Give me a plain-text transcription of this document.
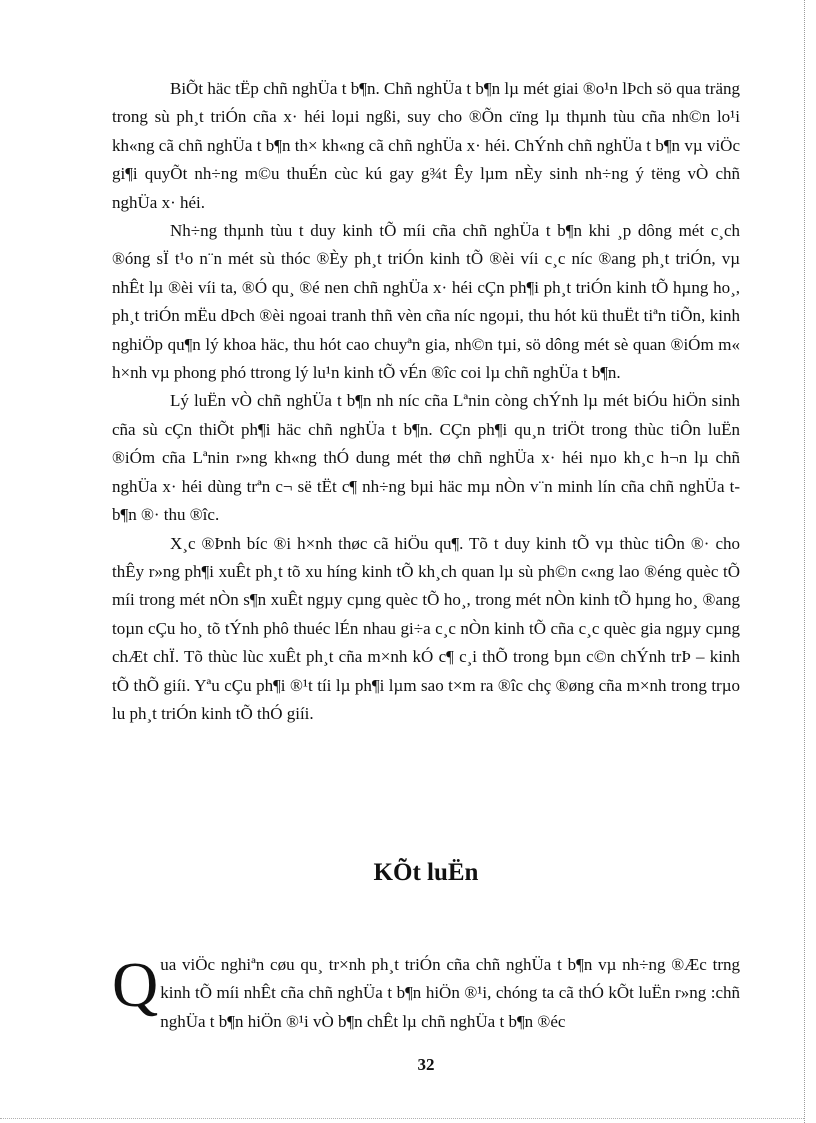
BiÕt häc tËp chñ nghÜa t b¶n. Chñ nghÜa t b¶n lµ mét giai ®o¹n lÞch sö qua träng trong sù ph¸t triÓn cña x· héi loµi ngßi, suy cho ®Õn cïng lµ thµnh tùu cña nh©n lo¹i kh«ng cã chñ nghÜa t b¶n th× kh«ng cã chñ nghÜa x· héi. ChÝnh chñ nghÜa t b¶n vµ viÖc gi¶i quyÕt nh÷ng m©u thuÉn cùc kú gay g¾t Êy lµm nÈy sinh nh÷ng ý tëng vÒ chñ nghÜa x· héi.

Nh÷ng thµnh tùu t duy kinh tÕ míi cña chñ nghÜa t b¶n khi ¸p dông mét c¸ch ®óng sÏ t¹o n¨n mét sù thóc ®Èy ph¸t triÓn kinh tÕ ®èi víi c¸c níc ®ang ph¸t triÓn, vµ nhÊt lµ ®èi víi ta, ®Ó qu¸ ®é nen chñ nghÜa x· héi cÇn ph¶i ph¸t triÓn kinh tÕ hµng ho¸, ph¸t triÓn mËu dÞch ®èi ngoai tranh thñ vèn cña níc ngoµi, thu hót kü thuËt tiªn tiÕn, kinh nghiÖp qu¶n lý khoa häc, thu hót cao chuyªn gia, nh©n tµi, sö dông mét sè quan ®iÓm m« h×nh vµ phong phó ttrong lý lu¹n kinh tÕ vÉn ®îc coi lµ chñ nghÜa t b¶n.

Lý luËn vÒ chñ nghÜa t b¶n nh níc cña Lªnin còng chÝnh lµ mét biÓu hiÖn sinh cña sù cÇn thiÕt ph¶i häc chñ nghÜa t b¶n. CÇn ph¶i qu¸n triÖt trong thùc tiÔn luËn ®iÓm cña Lªnin r»ng kh«ng thÓ dung mét thø chñ nghÜa x· héi nµo kh¸c h¬n lµ chñ nghÜa x· héi dùng trªn c¬ së tËt c¶ nh÷ng bµi häc mµ nÒn v¨n minh lín cña chñ nghÜa t b¶n ®· thu ®îc.

X¸c ®Þnh bíc ®i h×nh thøc cã hiÖu qu¶. Tõ t duy kinh tÕ vµ thùc tiÔn ®· cho thÊy r»ng ph¶i xuÊt ph¸t tõ xu híng kinh tÕ kh¸ch quan lµ sù ph©n c«ng lao ®éng quèc tÕ míi trong mét nÒn s¶n xuÊt ngµy cµng quèc tÕ ho¸, trong mét nÒn kinh tÕ hµng ho¸ ®ang toµn cÇu ho¸ tõ tÝnh phô thuéc lÉn nhau gi÷a c¸c nÒn kinh tÕ cña c¸c quèc gia ngµy cµng chÆt chÏ. Tõ thùc lùc xuÊt ph¸t cña m×nh kÓ c¶ c¸i thÕ trong bµn c©n chÝnh trÞ – kinh tÕ thÕ giíi. Yªu cÇu ph¶i ®¹t tíi lµ ph¶i lµm sao t×m ra ®îc chç ®øng cña m×nh trong trµo lu ph¸t triÓn kinh tÕ thÓ giíi.

KÕt luËn

Qua viÖc nghiªn cøu qu¸ tr×nh ph¸t triÓn cña chñ nghÜa t b¶n vµ nh÷ng ®Æc trng kinh tÕ míi nhÊt cña chñ nghÜa t b¶n hiÖn ®¹i, chóng ta cã thÓ kÕt luËn r»ng :chñ nghÜa t b¶n hiÖn ®¹i vÒ b¶n chÊt lµ chñ nghÜa t b¶n ®éc

32
